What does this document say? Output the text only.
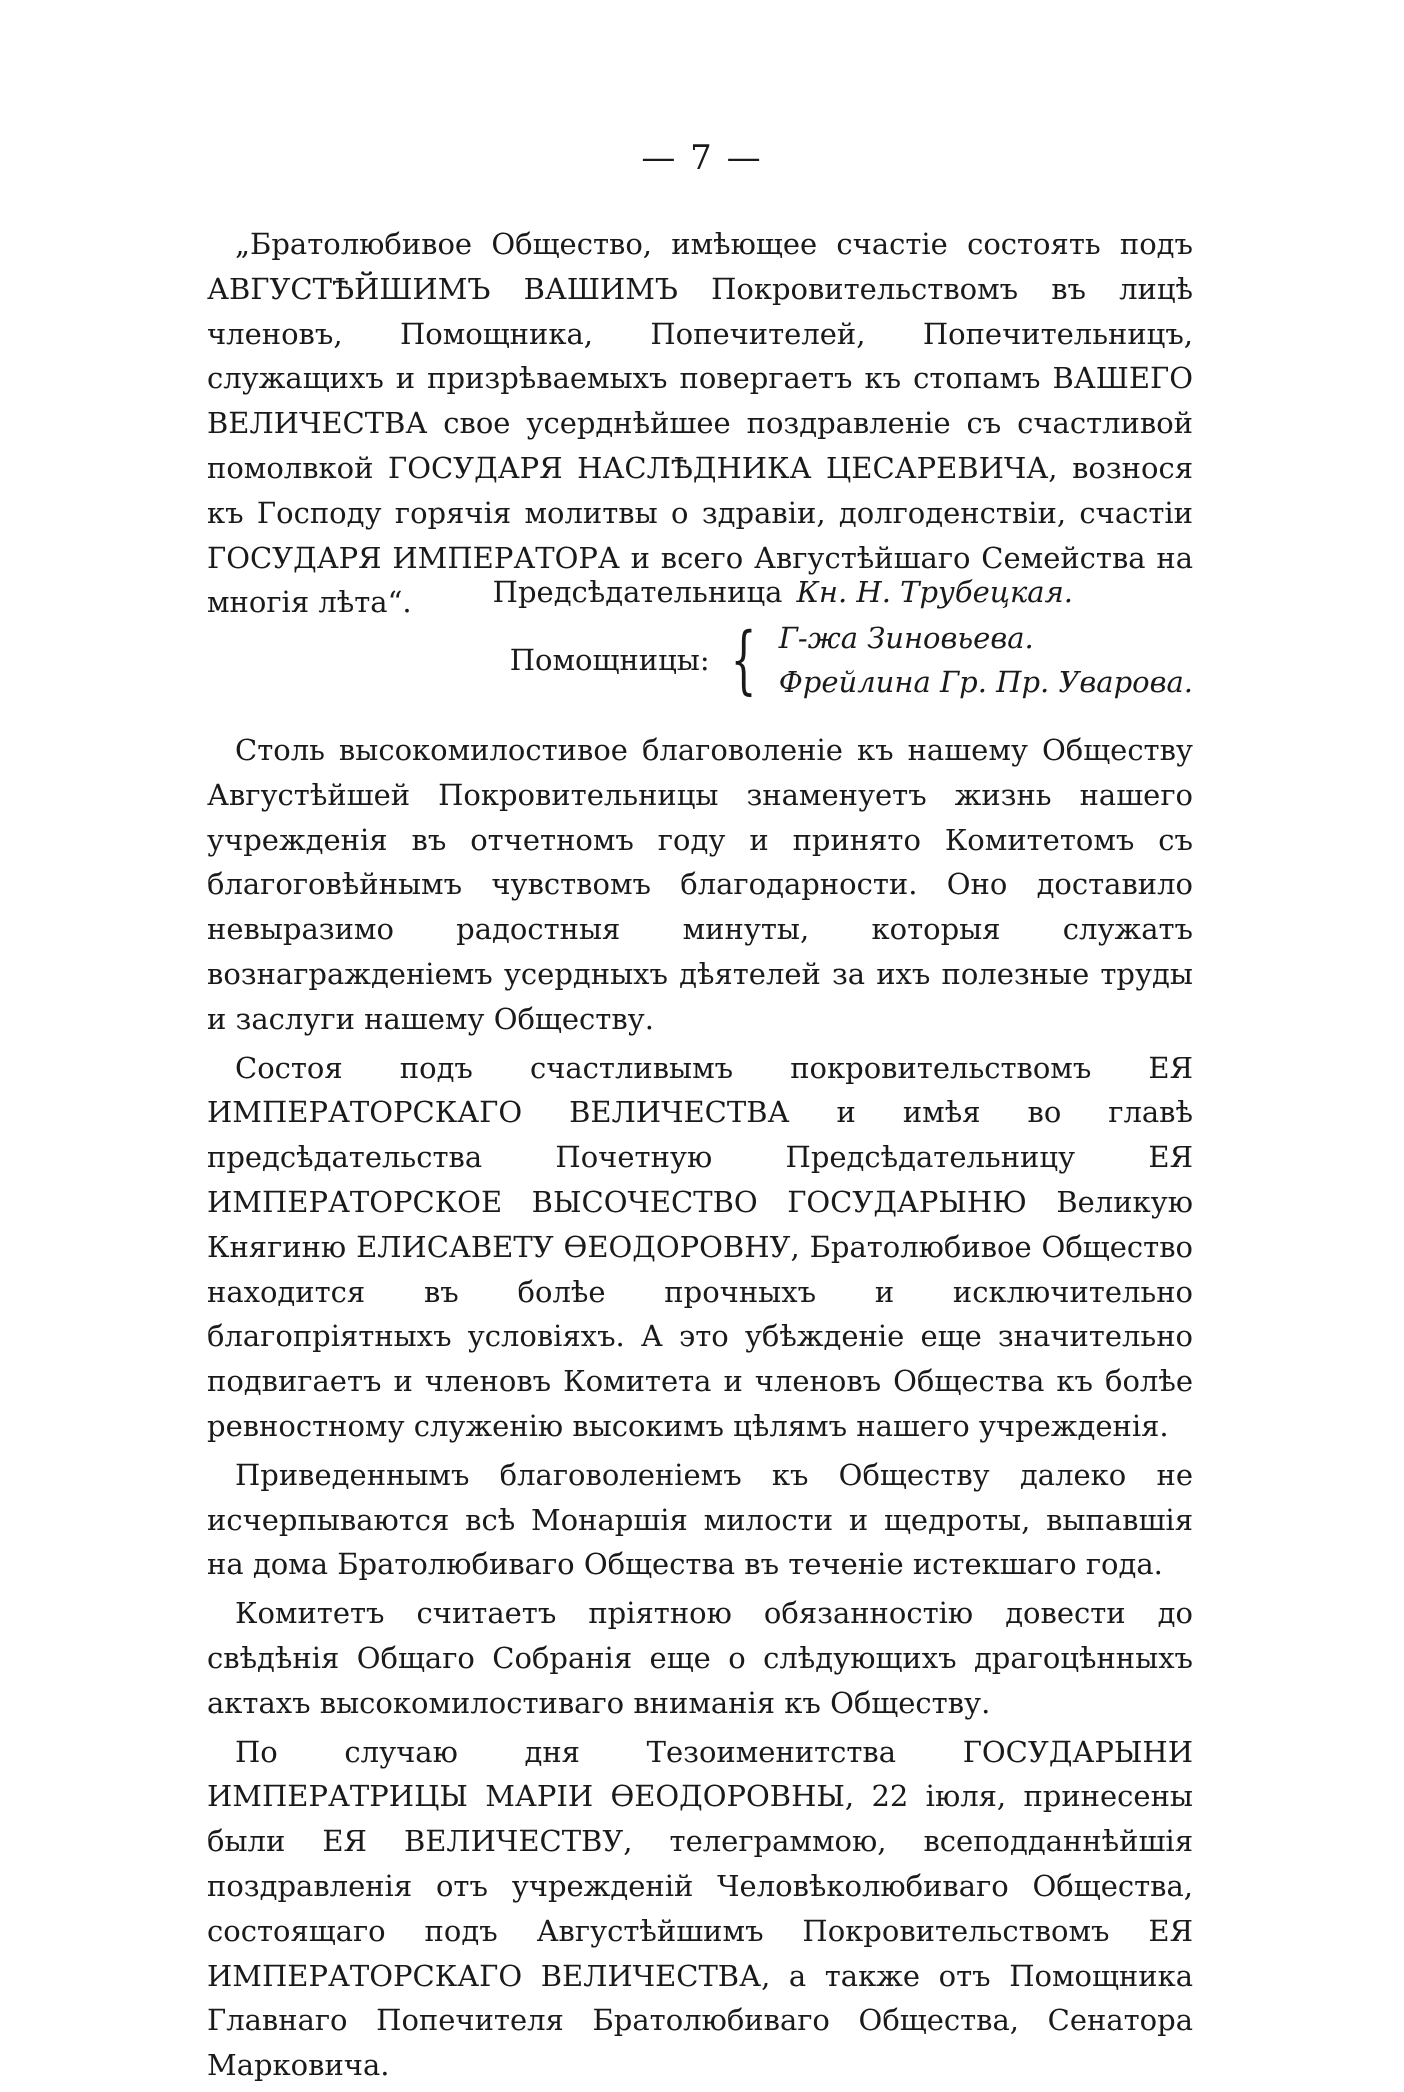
— 7 —

„Братолюбивое Общество, имѣющее счастіе состоять подъ АВГУСТѢЙШИМЪ ВАШИМЪ Покровительствомъ въ лицѣ членовъ, Помощника, Попечителей, Попечительницъ, служащихъ и призрѣваемыхъ повергаетъ къ стопамъ ВАШЕГО ВЕЛИЧЕСТВА свое усерднѣйшее поздравленіе съ счастливой помолвкой ГОСУДАРЯ НАСЛѢДНИКА ЦЕСАРЕВИЧА, вознося къ Господу горячія молитвы о здравіи, долгоденствіи, счастіи ГОСУДАРЯ ИМПЕРАТОРА и всего Августѣйшаго Семейства на многія лѣта“.	Предсѣдательница Кн. Н. Трубецкая.
Помощницы: { Г-жа Зиновьева.
Фрейлина Гр. Пр. Уварова.

Столь высокомилостивое благоволеніе къ нашему Обществу Августѣйшей Покровительницы знаменуетъ жизнь нашего учрежденія въ отчетномъ году и принято Комитетомъ съ благоговѣйнымъ чувствомъ благодарности. Оно доставило невыразимо радостныя минуты, которыя служатъ вознагражденіемъ усердныхъ дѣятелей за ихъ полезные труды и заслуги нашему Обществу.

Состоя подъ счастливымъ покровительствомъ ЕЯ ИМПЕРАТОРСКАГО ВЕЛИЧЕСТВА и имѣя во главѣ предсѣдательства Почетную Предсѣдательницу ЕЯ ИМПЕРАТОРСКОЕ ВЫСОЧЕСТВО ГОСУДАРЫНЮ Великую Княгиню ЕЛИСАВЕТУ ѲЕОДОРОВНУ, Братолюбивое Общество находится въ болѣе прочныхъ и исключительно благопріятныхъ условіяхъ. А это убѣжденіе еще значительно подвигаетъ и членовъ Комитета и членовъ Общества къ болѣе ревностному служенію высокимъ цѣлямъ нашего учрежденія.

Приведеннымъ благоволеніемъ къ Обществу далеко не исчерпываются всѣ Монаршія милости и щедроты, выпавшія на дома Братолюбиваго Общества въ теченіе истекшаго года.

Комитетъ считаетъ пріятною обязанностію довести до свѣдѣнія Общаго Собранія еще о слѣдующихъ драгоцѣнныхъ актахъ высокомилостиваго вниманія къ Обществу.

По случаю дня Тезоименитства ГОСУДАРЫНИ ИМПЕРАТРИЦЫ МАРІИ ѲЕОДОРОВНЫ, 22 іюля, принесены были ЕЯ ВЕЛИЧЕСТВУ, телеграммою, всеподданнѣйшія поздравленія отъ учрежденій Человѣколюбиваго Общества, состоящаго подъ Августѣйшимъ Покровительствомъ ЕЯ ИМПЕРАТОРСКАГО ВЕЛИЧЕСТВА, а также отъ Помощника Главнаго Попечителя Братолюбиваго Общества, Сенатора Марковича.
